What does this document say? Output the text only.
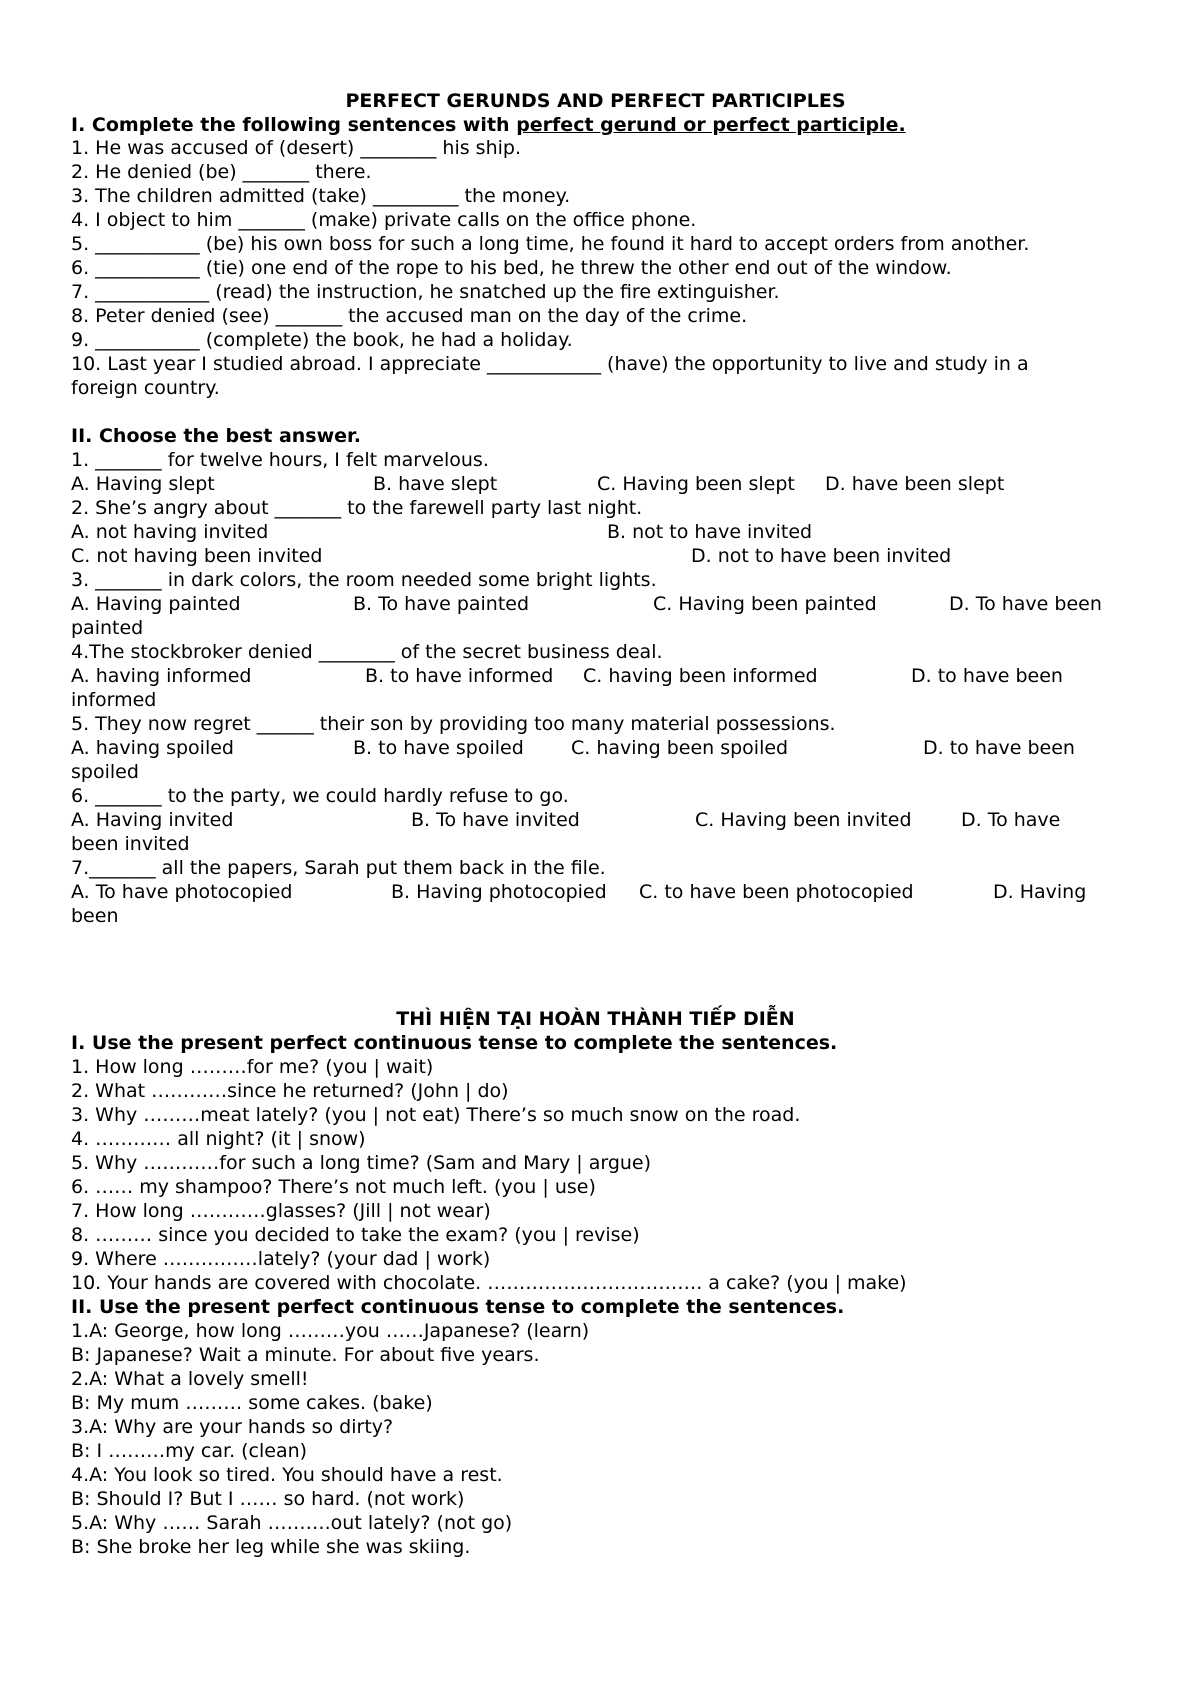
PERFECT GERUNDS AND PERFECT PARTICIPLES
I. Complete the following sentences with perfect gerund or perfect participle.
1. He was accused of (desert) ________ his ship.
2. He denied (be) _______ there.
3. The children admitted (take) _________ the money.
4. I object to him _______ (make) private calls on the office phone.
5. ___________ (be) his own boss for such a long time, he found it hard to accept orders from another.
6. ___________ (tie) one end of the rope to his bed, he threw the other end out of the window.
7. ____________ (read) the instruction, he snatched up the fire extinguisher.
8. Peter denied (see) _______ the accused man on the day of the crime.
9. ___________ (complete) the book, he had a holiday.
10. Last year I studied abroad. I appreciate ____________ (have) the opportunity to live and study in a
foreign country.
II. Choose the best answer.
1. _______ for twelve hours, I felt marvelous.
A. Having slept	B. have slept	C. Having been slept D. have been slept
2. She’s angry about _______ to the farewell party last night.
A. not having invited	B. not to have invited
C. not having been invited	D. not to have been invited
3. _______ in dark colors, the room needed some bright lights.
A. Having painted	B. To have painted	C. Having been painted	D. To have been
painted
4.The stockbroker denied ________ of the secret business deal.
A. having informed	B. to have informed C. having been informed	D. to have been
informed
5. They now regret ______ their son by providing too many material possessions.
A. having spoiled	B. to have spoiled C. having been spoiled	D. to have been
spoiled
6. _______ to the party, we could hardly refuse to go.
A. Having invited	B. To have invited	C. Having been invited	D. To have
been invited
7._______ all the papers, Sarah put them back in the file.
A. To have photocopied	B. Having photocopied C. to have been photocopied	D. Having
been
THÌ HIỆN TẠI HOÀN THÀNH TIẾP DIỄN
I. Use the present perfect continuous tense to complete the sentences.
1. How long ………for me? (you | wait)
2. What …………since he returned? (John | do)
3. Why ………meat lately? (you | not eat) There’s so much snow on the road.
4. ………… all night? (it | snow)
5. Why …………for such a long time? (Sam and Mary | argue)
6. …… my shampoo? There’s not much left. (you | use)
7. How long …………glasses? (Jill | not wear)
8. ……… since you decided to take the exam? (you | revise)
9. Where ……………lately? (your dad | work)
10. Your hands are covered with chocolate. ……………………………. a cake? (you | make)
II. Use the present perfect continuous tense to complete the sentences.
1.A: George, how long ………you ……Japanese? (learn)
B: Japanese? Wait a minute. For about five years.
2.A: What a lovely smell!
B: My mum ……… some cakes. (bake)
3.A: Why are your hands so dirty?
B: I ………my car. (clean)
4.A: You look so tired. You should have a rest.
B: Should I? But I …… so hard. (not work)
5.A: Why …… Sarah ……….out lately? (not go)
B: She broke her leg while she was skiing.
